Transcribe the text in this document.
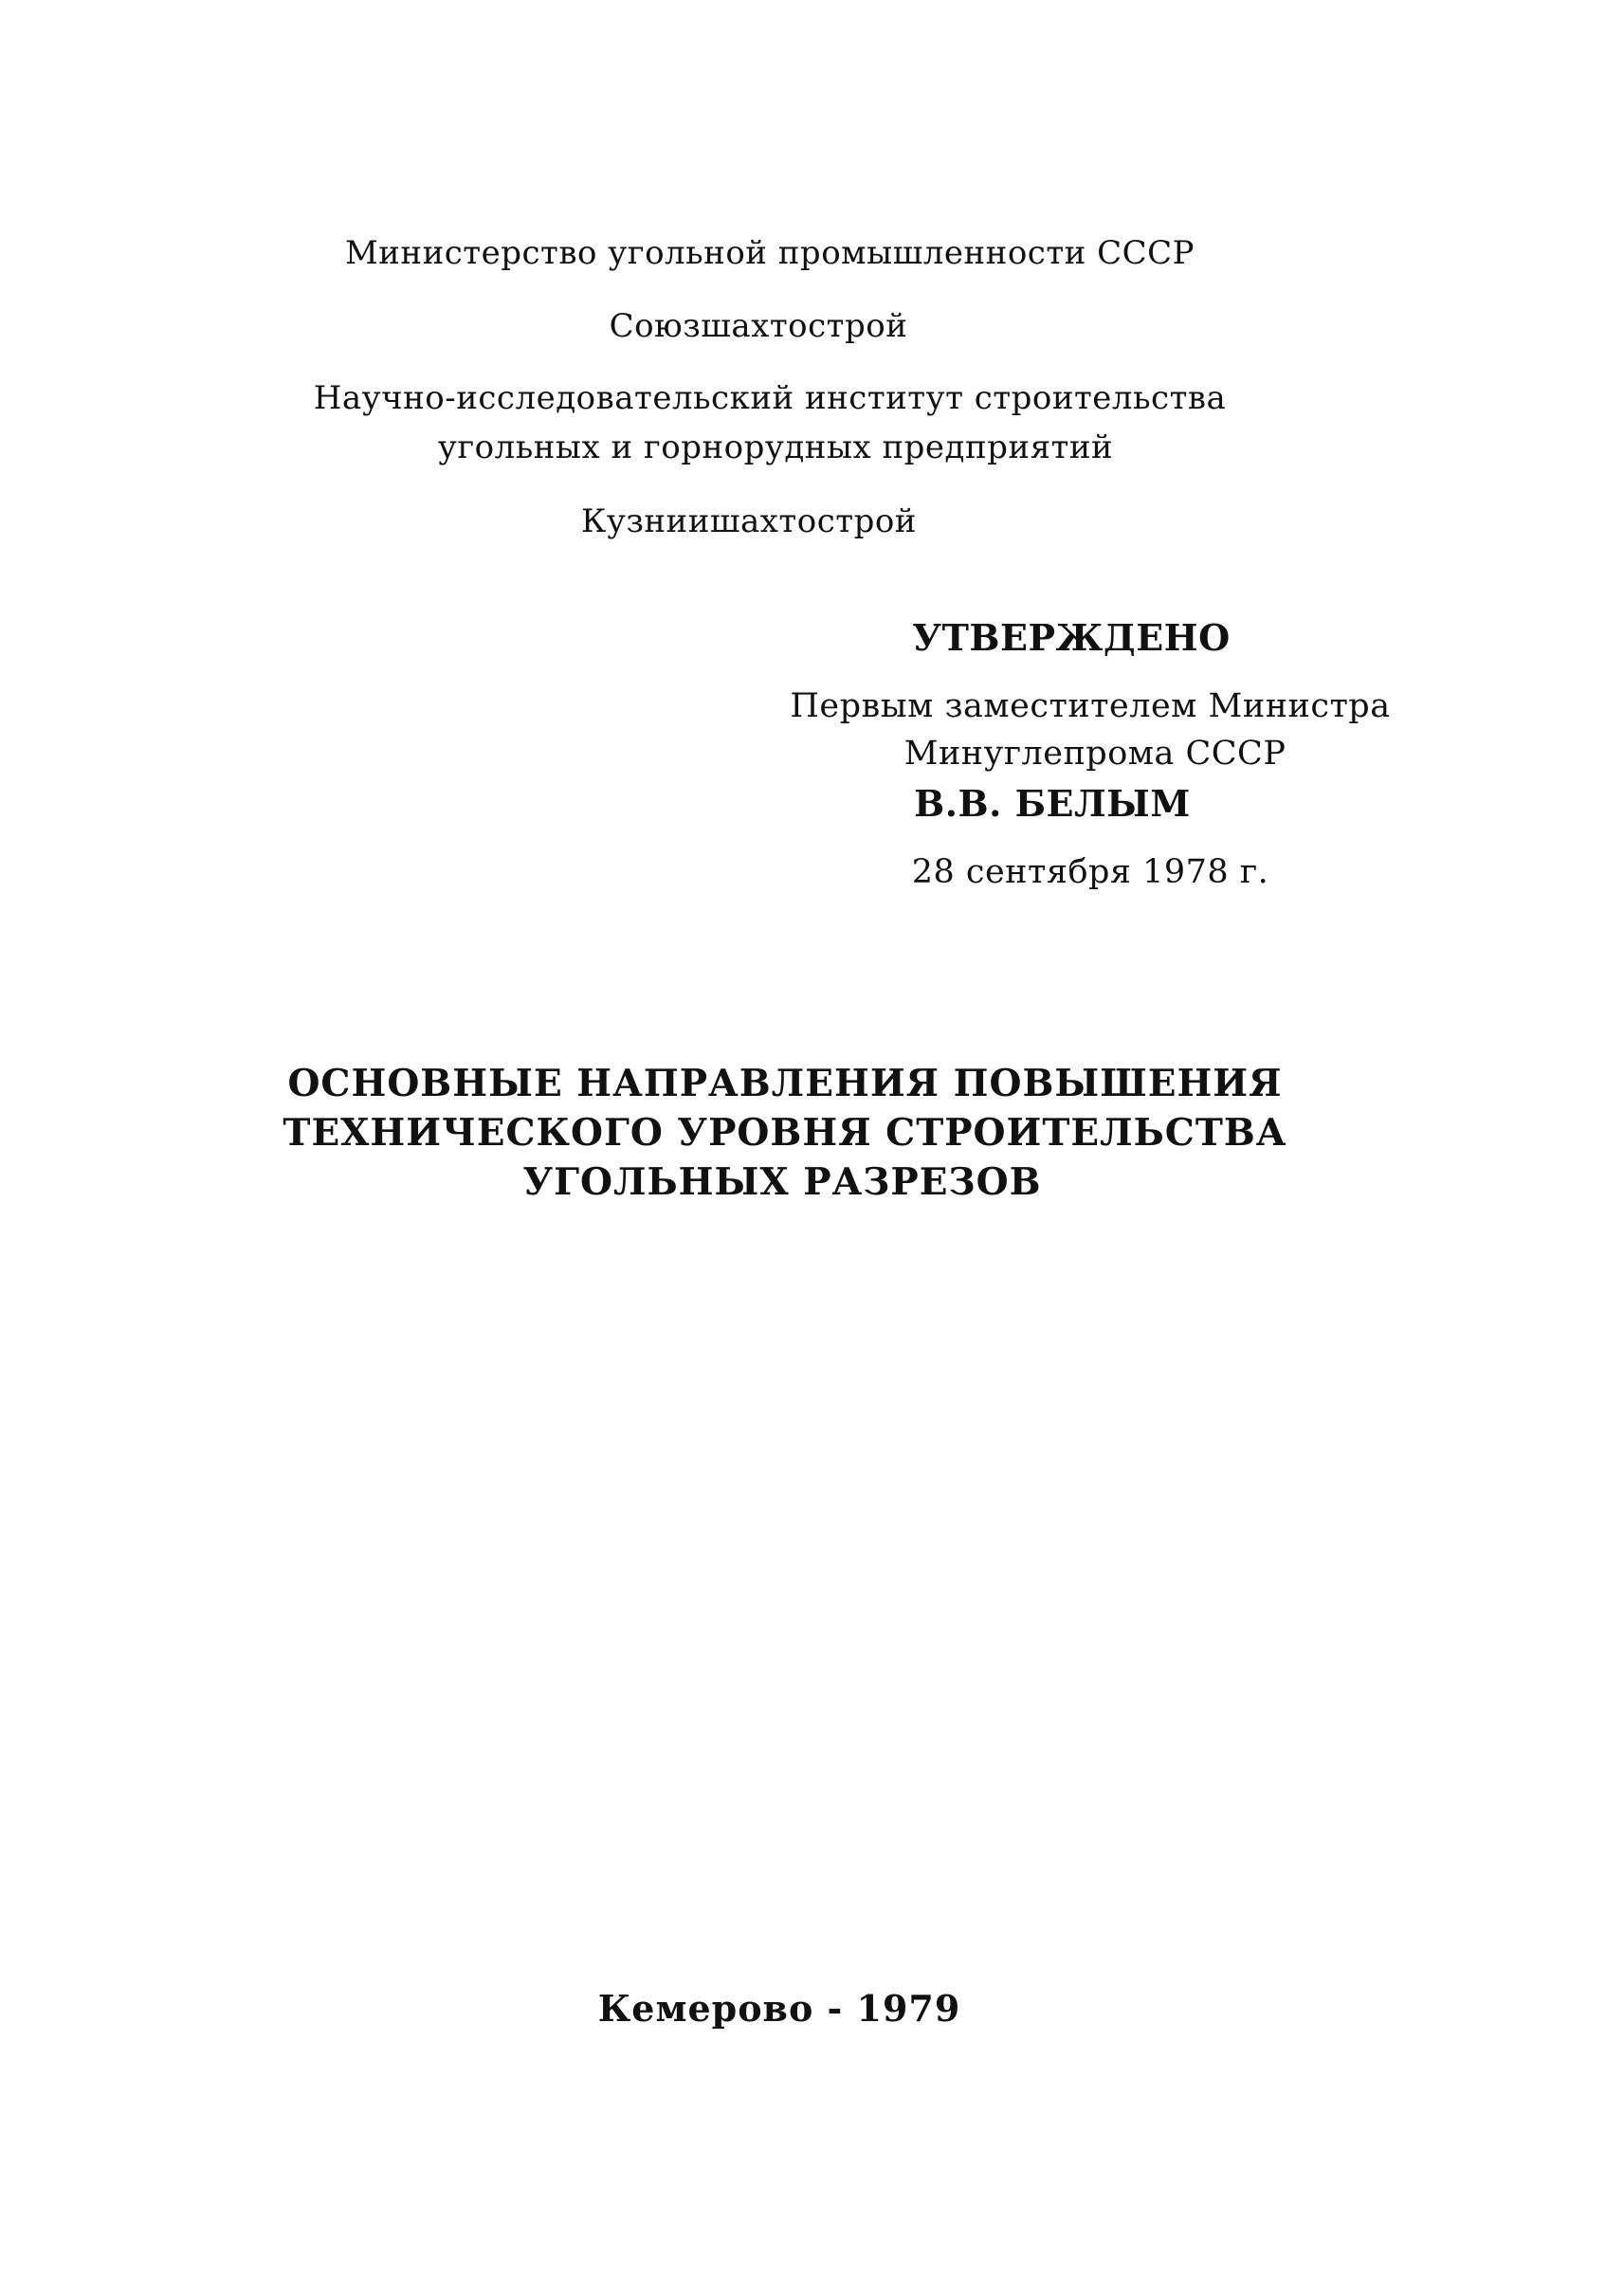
Министерство угольной промышленности СССР
Союзшахтострой
Научно-исследовательский институт строительства
угольных и горнорудных предприятий
Кузниишахтострой
УТВЕРЖДЕНО
Первым заместителем Министра
Минуглепрома СССР
В.В. БЕЛЫМ
28 сентября 1978 г.
ОСНОВНЫЕ НАПРАВЛЕНИЯ ПОВЫШЕНИЯ
ТЕХНИЧЕСКОГО УРОВНЯ СТРОИТЕЛЬСТВА
УГОЛЬНЫХ РАЗРЕЗОВ
Кемерово - 1979
